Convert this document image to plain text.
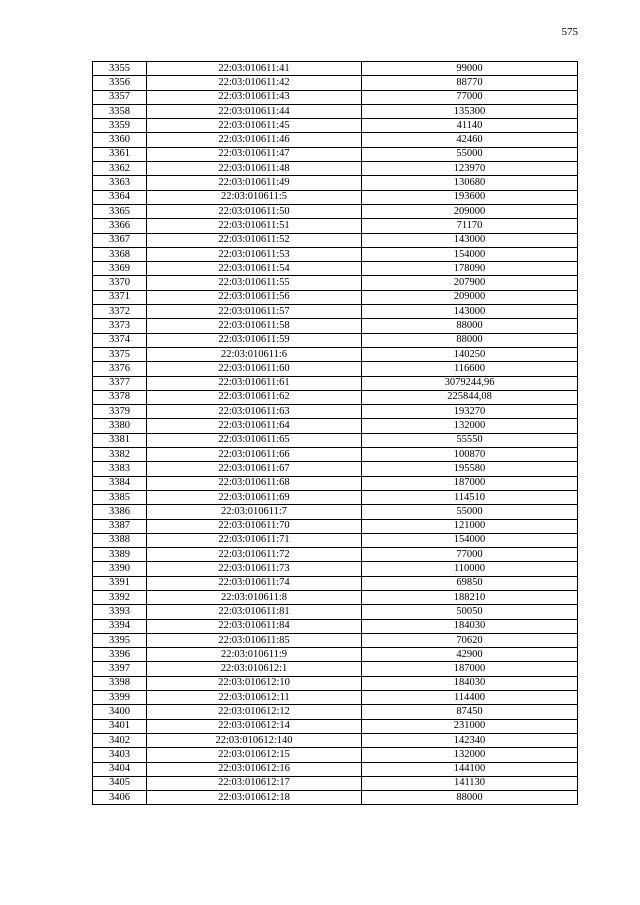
575
3355	22:03:010611:41	99000
3356	22:03:010611:42	88770
3357	22:03:010611:43	77000
3358	22:03:010611:44	135300
3359	22:03:010611:45	41140
3360	22:03:010611:46	42460
3361	22:03:010611:47	55000
3362	22:03:010611:48	123970
3363	22:03:010611:49	130680
3364	22:03:010611:5	193600
3365	22:03:010611:50	209000
3366	22:03:010611:51	71170
3367	22:03:010611:52	143000
3368	22:03:010611:53	154000
3369	22:03:010611:54	178090
3370	22:03:010611:55	207900
3371	22:03:010611:56	209000
3372	22:03:010611:57	143000
3373	22:03:010611:58	88000
3374	22:03:010611:59	88000
3375	22:03:010611:6	140250
3376	22:03:010611:60	116600
3377	22:03:010611:61	3079244,96
3378	22:03:010611:62	225844,08
3379	22:03:010611:63	193270
3380	22:03:010611:64	132000
3381	22:03:010611:65	55550
3382	22:03:010611:66	100870
3383	22:03:010611:67	195580
3384	22:03:010611:68	187000
3385	22:03:010611:69	114510
3386	22:03:010611:7	55000
3387	22:03:010611:70	121000
3388	22:03:010611:71	154000
3389	22:03:010611:72	77000
3390	22:03:010611:73	110000
3391	22:03:010611:74	69850
3392	22:03:010611:8	188210
3393	22:03:010611:81	50050
3394	22:03:010611:84	184030
3395	22:03:010611:85	70620
3396	22:03:010611:9	42900
3397	22:03:010612:1	187000
3398	22:03:010612:10	184030
3399	22:03:010612:11	114400
3400	22:03:010612:12	87450
3401	22:03:010612:14	231000
3402	22:03:010612:140	142340
3403	22:03:010612:15	132000
3404	22:03:010612:16	144100
3405	22:03:010612:17	141130
3406	22:03:010612:18	88000
